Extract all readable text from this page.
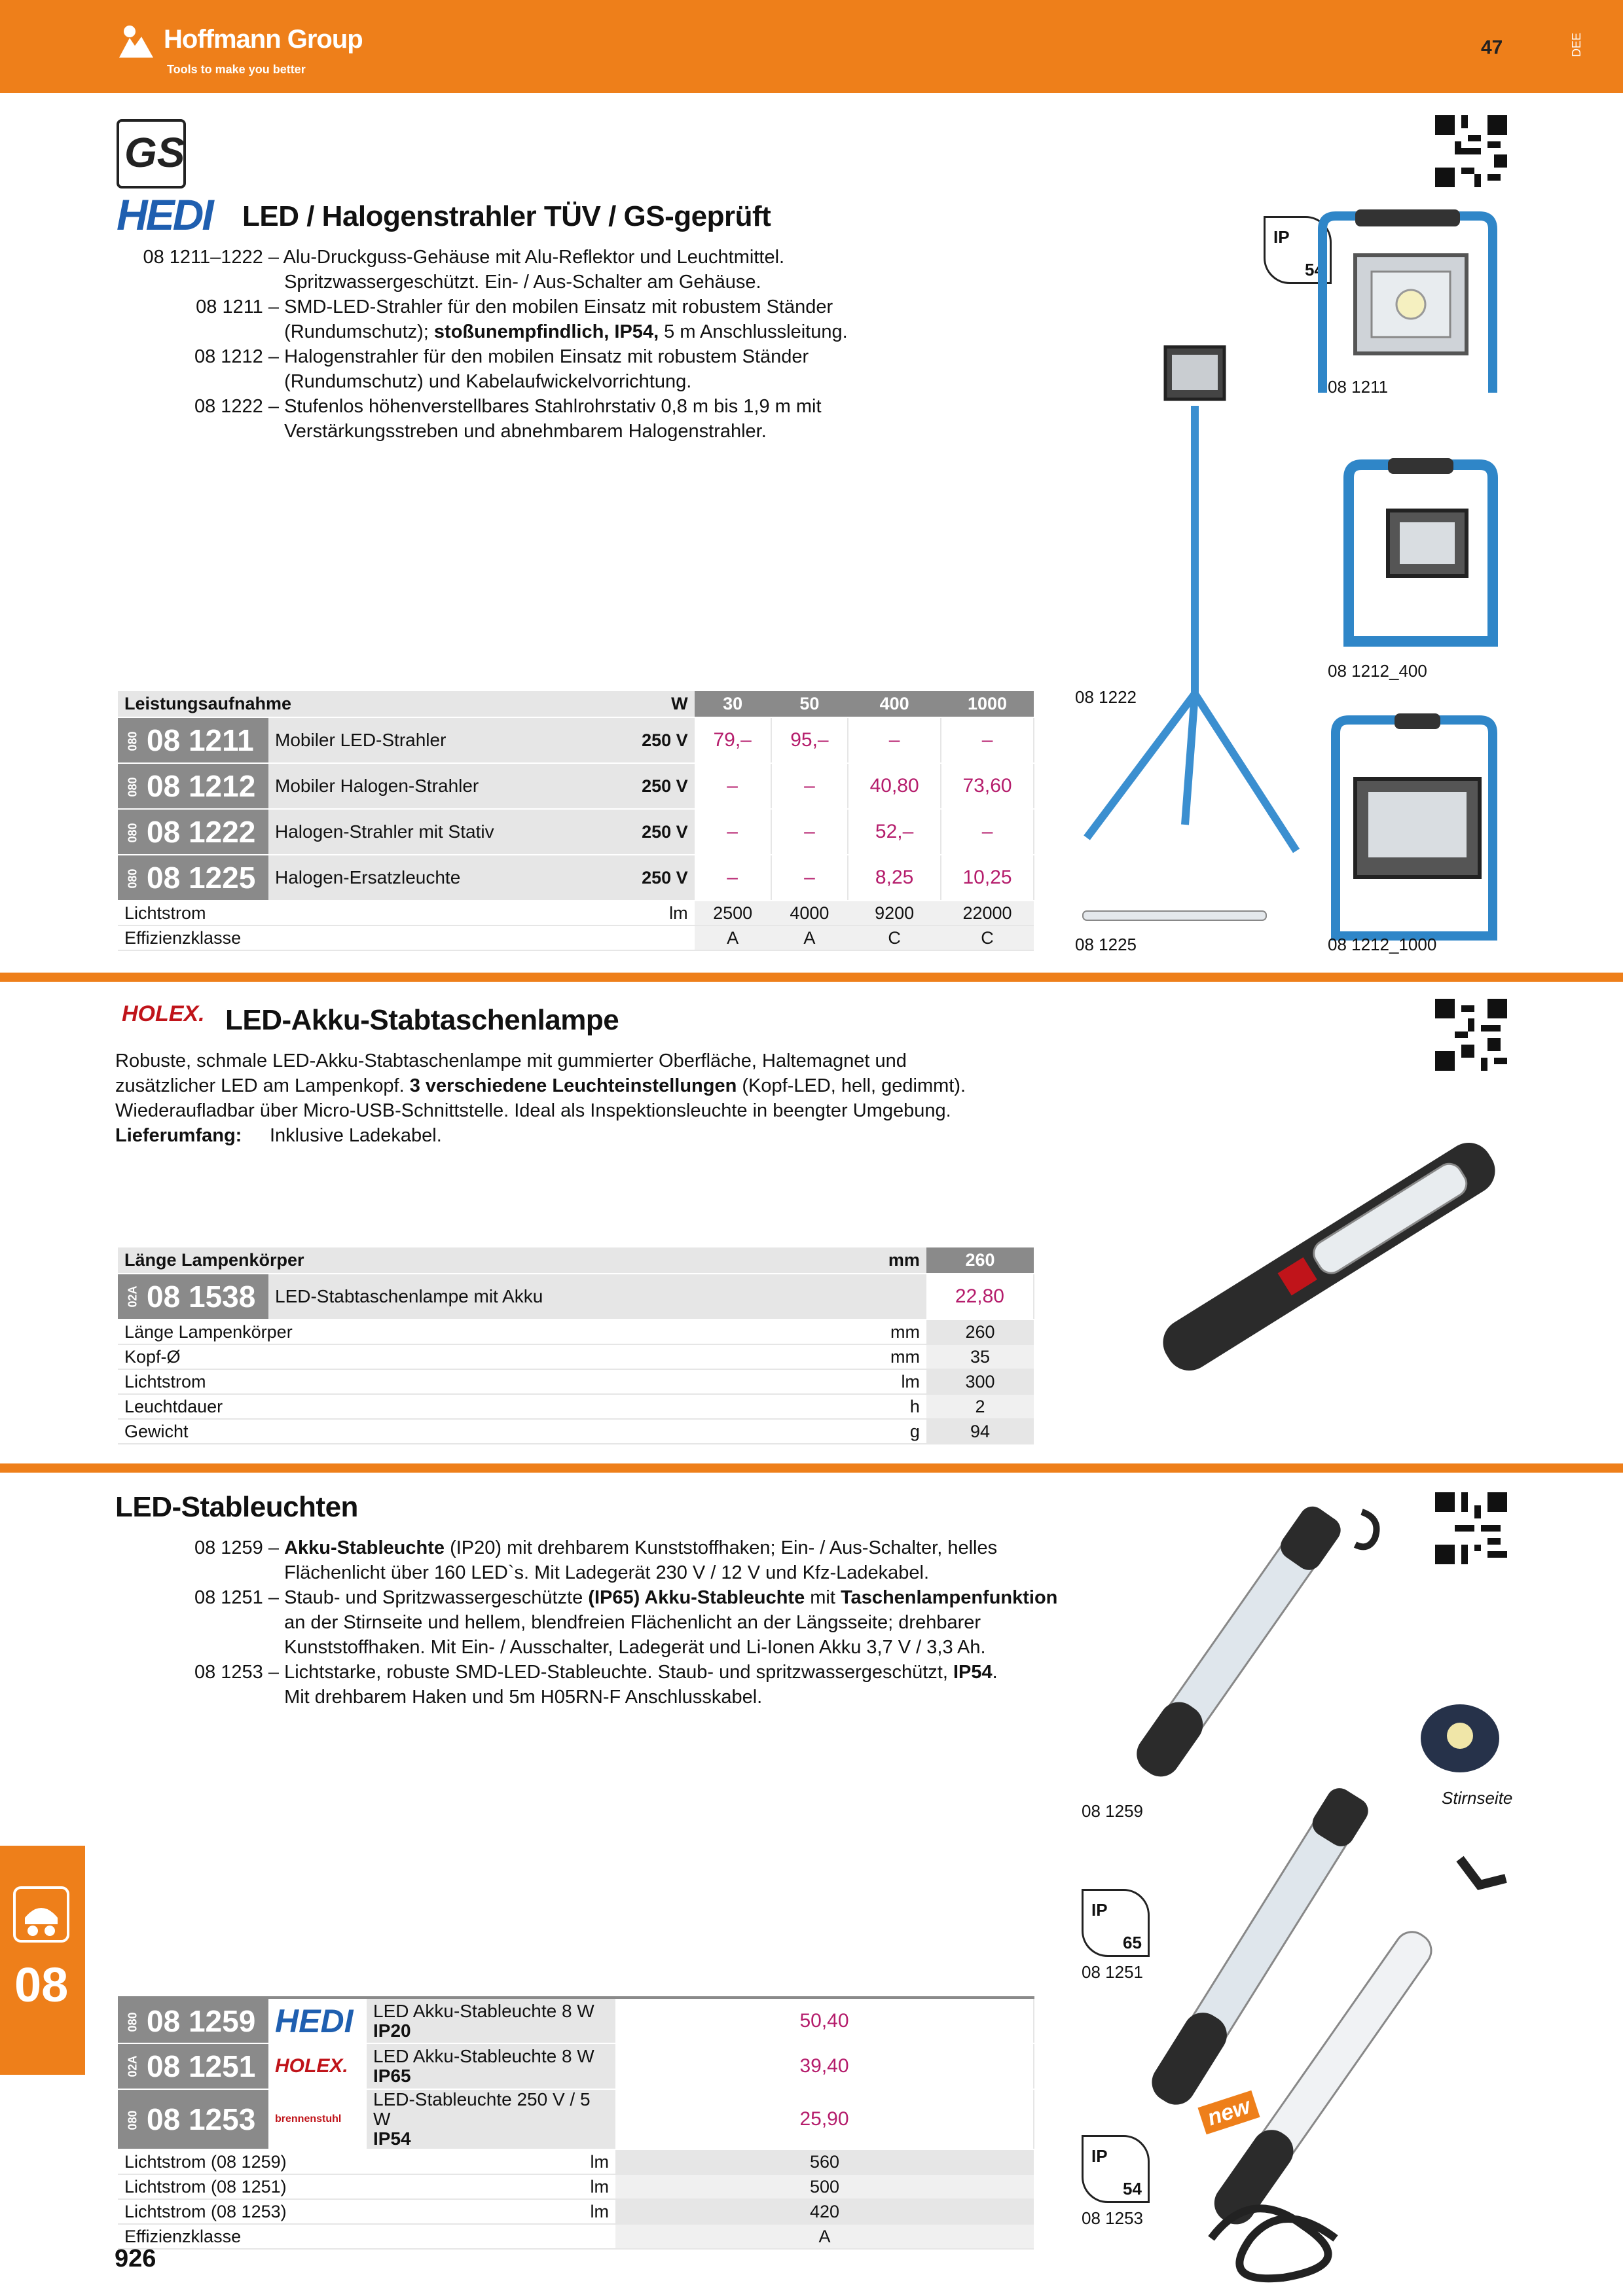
Hoffmann Group
Tools to make you better
47	DEE
GS
HEDI LED / Halogenstrahler TÜV / GS-geprüft
08 1211–1222 – Alu-Druckguss-Gehäuse mit Alu-Reflektor und Leuchtmittel.
Spritzwassergeschützt. Ein- / Aus-Schalter am Gehäuse.
08 1211 – SMD-LED-Strahler für den mobilen Einsatz mit robustem Ständer
(Rundumschutz); stoßunempfindlich, IP54, 5 m Anschlussleitung.
08 1212 – Halogenstrahler für den mobilen Einsatz mit robustem Ständer
(Rundumschutz) und Kabelaufwickelvorrichtung.
08 1222 – Stufenlos höhenverstellbares Stahlrohrstativ 0,8 m bis 1,9 m mit
Verstärkungsstreben und abnehmbarem Halogenstrahler.
IP
54
08 1211
08 1212_400
08 1222
08 1212_1000
08 1225
Leistungsaufnahme		W	30	50	400	1000
080 08 1211	Mobiler LED-Strahler	250 V	79,–	95,–	–	–
080 08 1212	Mobiler Halogen-Strahler	250 V	–	–	40,80	73,60
080 08 1222	Halogen-Strahler mit Stativ	250 V	–	–	52,–	–
080 08 1225	Halogen-Ersatzleuchte	250 V	–	–	8,25	10,25
Lichtstrom		lm	2500	4000	9200	22000
Effizienzklasse			A	A	C	C
HOLEX. LED-Akku-Stabtaschenlampe
Robuste, schmale LED-Akku-Stabtaschenlampe mit gummierter Oberfläche, Haltemagnet und
zusätzlicher LED am Lampenkopf. 3 verschiedene Leuchteinstellungen (Kopf-LED, hell, gedimmt).
Wiederaufladbar über Micro-USB-Schnittstelle. Ideal als Inspektionsleuchte in beengter Umgebung.
Lieferumfang: Inklusive Ladekabel.
Länge Lampenkörper		mm	260
02A 08 1538	LED-Stabtaschenlampe mit Akku		22,80
Länge Lampenkörper		mm	260
Kopf-Ø		mm	35
Lichtstrom		lm	300
Leuchtdauer		h	2
Gewicht		g	94
LED-Stableuchten
08 1259 – Akku-Stableuchte (IP20) mit drehbarem Kunststoffhaken; Ein- / Aus-Schalter, helles
Flächenlicht über 160 LED`s. Mit Ladegerät 230 V / 12 V und Kfz-Ladekabel.
08 1251 – Staub- und Spritzwassergeschützte (IP65) Akku-Stableuchte mit Taschenlampenfunktion
an der Stirnseite und hellem, blendfreien Flächenlicht an der Längsseite; drehbarer
Kunststoffhaken. Mit Ein- / Ausschalter, Ladegerät und Li-Ionen Akku 3,7 V / 3,3 Ah.
08 1253 – Lichtstarke, robuste SMD-LED-Stableuchte. Staub- und spritzwassergeschützt, IP54.
Mit drehbarem Haken und 5m H05RN-F Anschlusskabel.
08 1259
Stirnseite
IP
65
08 1251
IP
54
08 1253
new
080 08 1259	HEDI	LED Akku-Stableuchte 8 W
IP20	50,40
02A 08 1251	HOLEX.	LED Akku-Stableuchte 8 W
IP65	39,40
080 08 1253	brennenstuhl	LED-Stableuchte 250 V / 5 W
IP54	25,90
Lichtstrom (08 1259)		lm	560
Lichtstrom (08 1251)		lm	500
Lichtstrom (08 1253)		lm	420
Effizienzklasse			A
08
926
